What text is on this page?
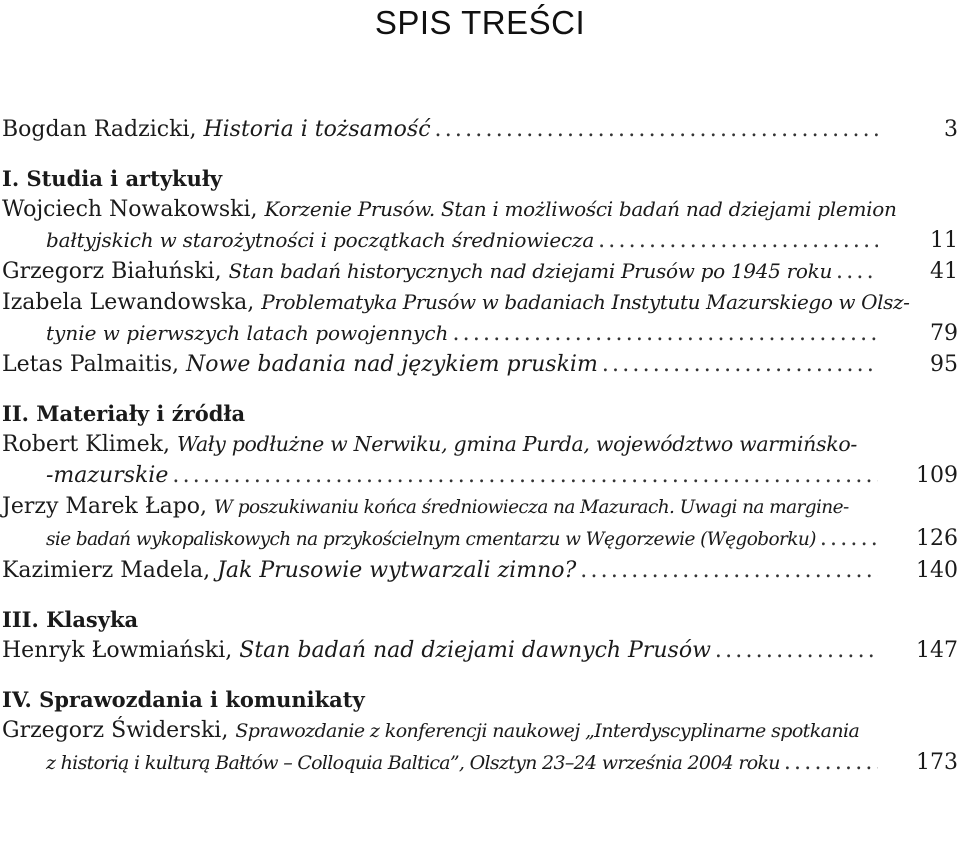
SPIS TREŚCI
Bogdan Radzicki, Historia i tożsamość .....	3
I. Studia i artykuły
Wojciech Nowakowski, Korzenie Prusów. Stan i możliwości badań nad dziejami plemion
bałtyjskich w starożytności i początkach średniowiecza .....	11
Grzegorz Białuński, Stan badań historycznych nad dziejami Prusów po 1945 roku .....	41
Izabela Lewandowska, Problematyka Prusów w badaniach Instytutu Mazurskiego w Olsz-
tynie w pierwszych latach powojennych .....	79
Letas Palmaitis, Nowe badania nad językiem pruskim .....	95
II. Materiały i źródła
Robert Klimek, Wały podłużne w Nerwiku, gmina Purda, województwo warmińsko-
-mazurskie .....	109
Jerzy Marek Łapo, W poszukiwaniu końca średniowiecza na Mazurach. Uwagi na margine-
sie badań wykopaliskowych na przykościelnym cmentarzu w Węgorzewie (Węgoborku) .....	126
Kazimierz Madela, Jak Prusowie wytwarzali zimno? .....	140
III. Klasyka
Henryk Łowmiański, Stan badań nad dziejami dawnych Prusów .....	147
IV. Sprawozdania i komunikaty
Grzegorz Świderski, Sprawozdanie z konferencji naukowej „Interdyscyplinarne spotkania
z historią i kulturą Bałtów – Colloquia Baltica”, Olsztyn 23–24 września 2004 roku .....	173
